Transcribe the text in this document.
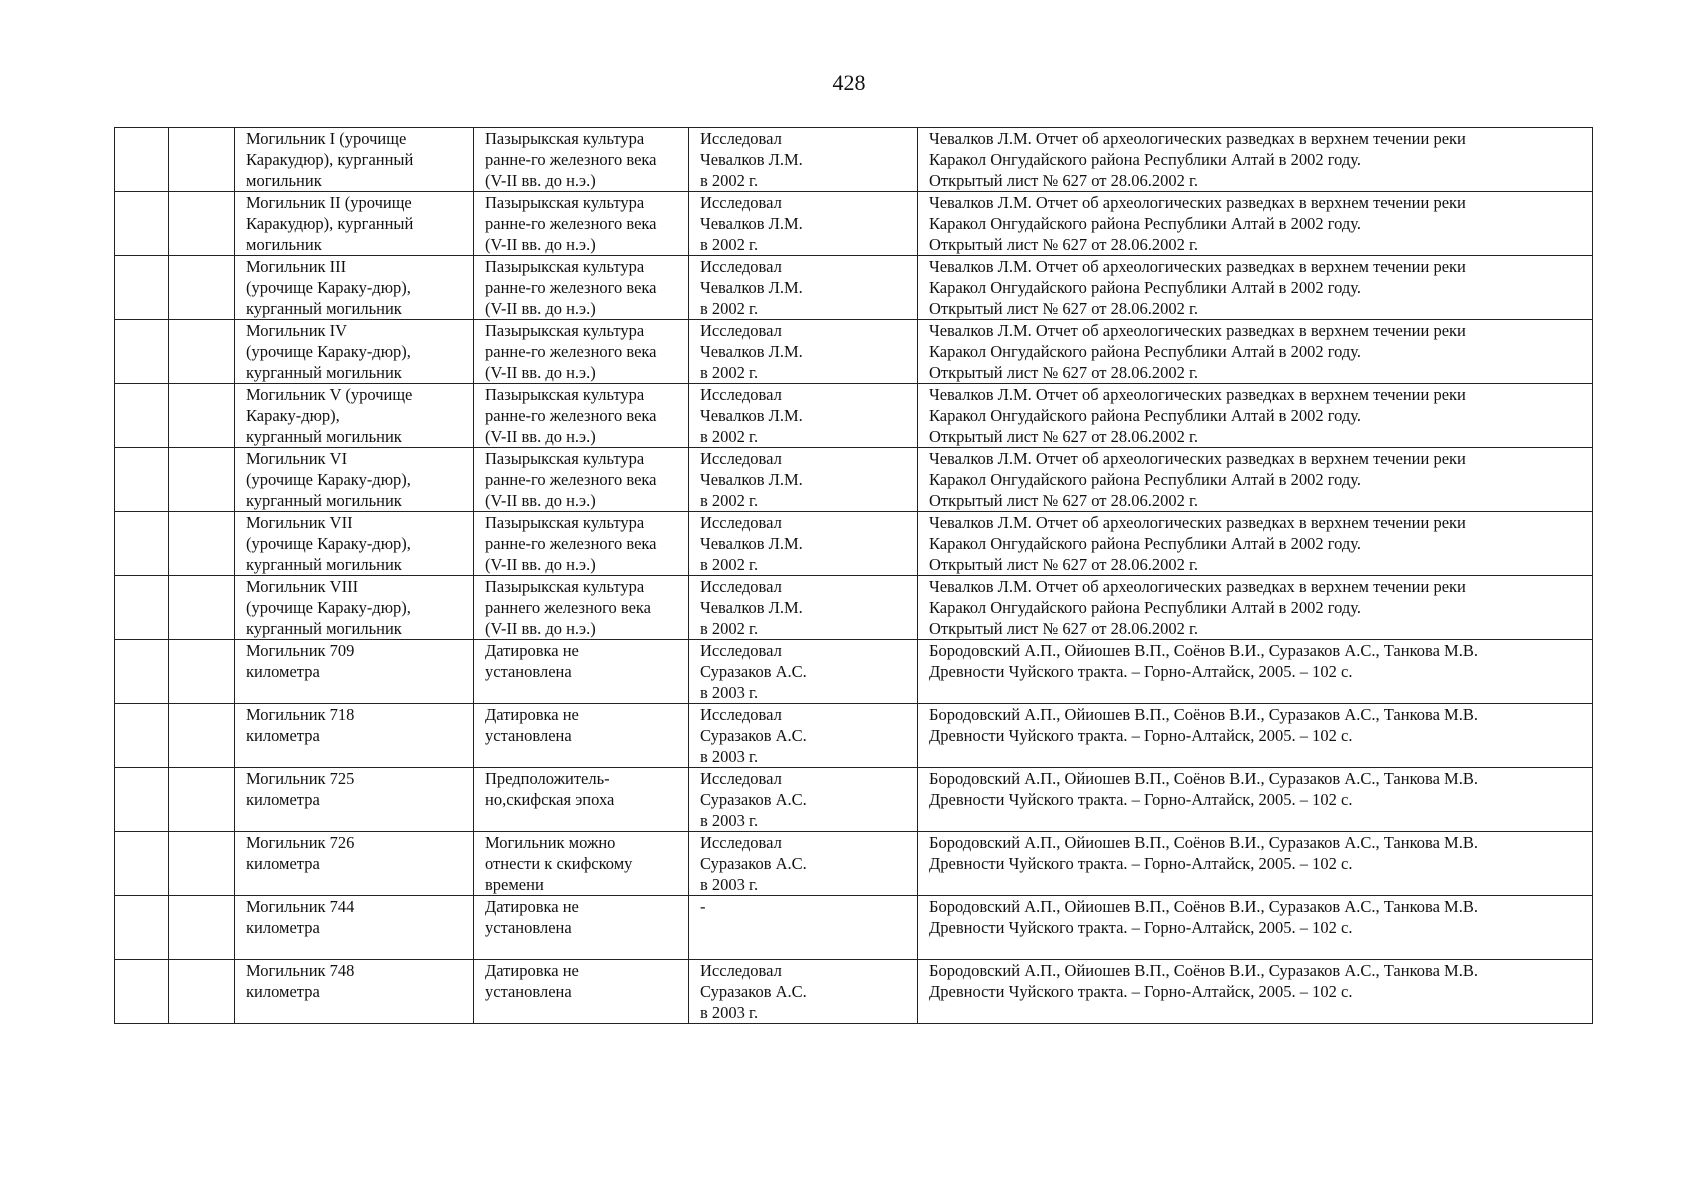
428
		Могильник I (урочище
Каракудюр), курганный
могильник	Пазырыкская культура
ранне-го железного века
(V-II вв. до н.э.)	Исследовал
Чевалков Л.М.
в 2002 г.	Чевалков Л.М. Отчет об археологических разведках в верхнем течении реки
Каракол Онгудайского района Республики Алтай в 2002 году.
Открытый лист № 627 от 28.06.2002 г.
		Могильник II (урочище
Каракудюр), курганный
могильник	Пазырыкская культура
ранне-го железного века
(V-II вв. до н.э.)	Исследовал
Чевалков Л.М.
в 2002 г.	Чевалков Л.М. Отчет об археологических разведках в верхнем течении реки
Каракол Онгудайского района Республики Алтай в 2002 году.
Открытый лист № 627 от 28.06.2002 г.
		Могильник III
(урочище Караку-дюр),
курганный могильник	Пазырыкская культура
ранне-го железного века
(V-II вв. до н.э.)	Исследовал
Чевалков Л.М.
в 2002 г.	Чевалков Л.М. Отчет об археологических разведках в верхнем течении реки
Каракол Онгудайского района Республики Алтай в 2002 году.
Открытый лист № 627 от 28.06.2002 г.
		Могильник IV
(урочище Караку-дюр),
курганный могильник	Пазырыкская культура
ранне-го железного века
(V-II вв. до н.э.)	Исследовал
Чевалков Л.М.
в 2002 г.	Чевалков Л.М. Отчет об археологических разведках в верхнем течении реки
Каракол Онгудайского района Республики Алтай в 2002 году.
Открытый лист № 627 от 28.06.2002 г.
		Могильник V (урочище
Караку-дюр),
курганный могильник	Пазырыкская культура
ранне-го железного века
(V-II вв. до н.э.)	Исследовал
Чевалков Л.М.
в 2002 г.	Чевалков Л.М. Отчет об археологических разведках в верхнем течении реки
Каракол Онгудайского района Республики Алтай в 2002 году.
Открытый лист № 627 от 28.06.2002 г.
		Могильник VI
(урочище Караку-дюр),
курганный могильник	Пазырыкская культура
ранне-го железного века
(V-II вв. до н.э.)	Исследовал
Чевалков Л.М.
в 2002 г.	Чевалков Л.М. Отчет об археологических разведках в верхнем течении реки
Каракол Онгудайского района Республики Алтай в 2002 году.
Открытый лист № 627 от 28.06.2002 г.
		Могильник VII
(урочище Караку-дюр),
курганный могильник	Пазырыкская культура
ранне-го железного века
(V-II вв. до н.э.)	Исследовал
Чевалков Л.М.
в 2002 г.	Чевалков Л.М. Отчет об археологических разведках в верхнем течении реки
Каракол Онгудайского района Республики Алтай в 2002 году.
Открытый лист № 627 от 28.06.2002 г.
		Могильник VIII
(урочище Караку-дюр),
курганный могильник	Пазырыкская культура
раннего железного века
(V-II вв. до н.э.)	Исследовал
Чевалков Л.М.
в 2002 г.	Чевалков Л.М. Отчет об археологических разведках в верхнем течении реки
Каракол Онгудайского района Республики Алтай в 2002 году.
Открытый лист № 627 от 28.06.2002 г.
		Могильник 709
километра	Датировка не
установлена	Исследовал
Суразаков А.С.
в 2003 г.	Бородовский А.П., Ойиошев В.П., Соёнов В.И., Суразаков А.С., Танкова М.В.
Древности Чуйского тракта. – Горно-Алтайск, 2005. – 102 с.
		Могильник 718
километра	Датировка не
установлена	Исследовал
Суразаков А.С.
в 2003 г.	Бородовский А.П., Ойиошев В.П., Соёнов В.И., Суразаков А.С., Танкова М.В.
Древности Чуйского тракта. – Горно-Алтайск, 2005. – 102 с.
		Могильник 725
километра	Предположитель-
но,скифская эпоха	Исследовал
Суразаков А.С.
в 2003 г.	Бородовский А.П., Ойиошев В.П., Соёнов В.И., Суразаков А.С., Танкова М.В.
Древности Чуйского тракта. – Горно-Алтайск, 2005. – 102 с.
		Могильник 726
километра	Могильник можно
отнести к скифскому
времени	Исследовал
Суразаков А.С.
в 2003 г.	Бородовский А.П., Ойиошев В.П., Соёнов В.И., Суразаков А.С., Танкова М.В.
Древности Чуйского тракта. – Горно-Алтайск, 2005. – 102 с.
		Могильник 744
километра	Датировка не
установлена	-	Бородовский А.П., Ойиошев В.П., Соёнов В.И., Суразаков А.С., Танкова М.В.
Древности Чуйского тракта. – Горно-Алтайск, 2005. – 102 с.
		Могильник 748
километра	Датировка не
установлена	Исследовал
Суразаков А.С.
в 2003 г.	Бородовский А.П., Ойиошев В.П., Соёнов В.И., Суразаков А.С., Танкова М.В.
Древности Чуйского тракта. – Горно-Алтайск, 2005. – 102 с.
